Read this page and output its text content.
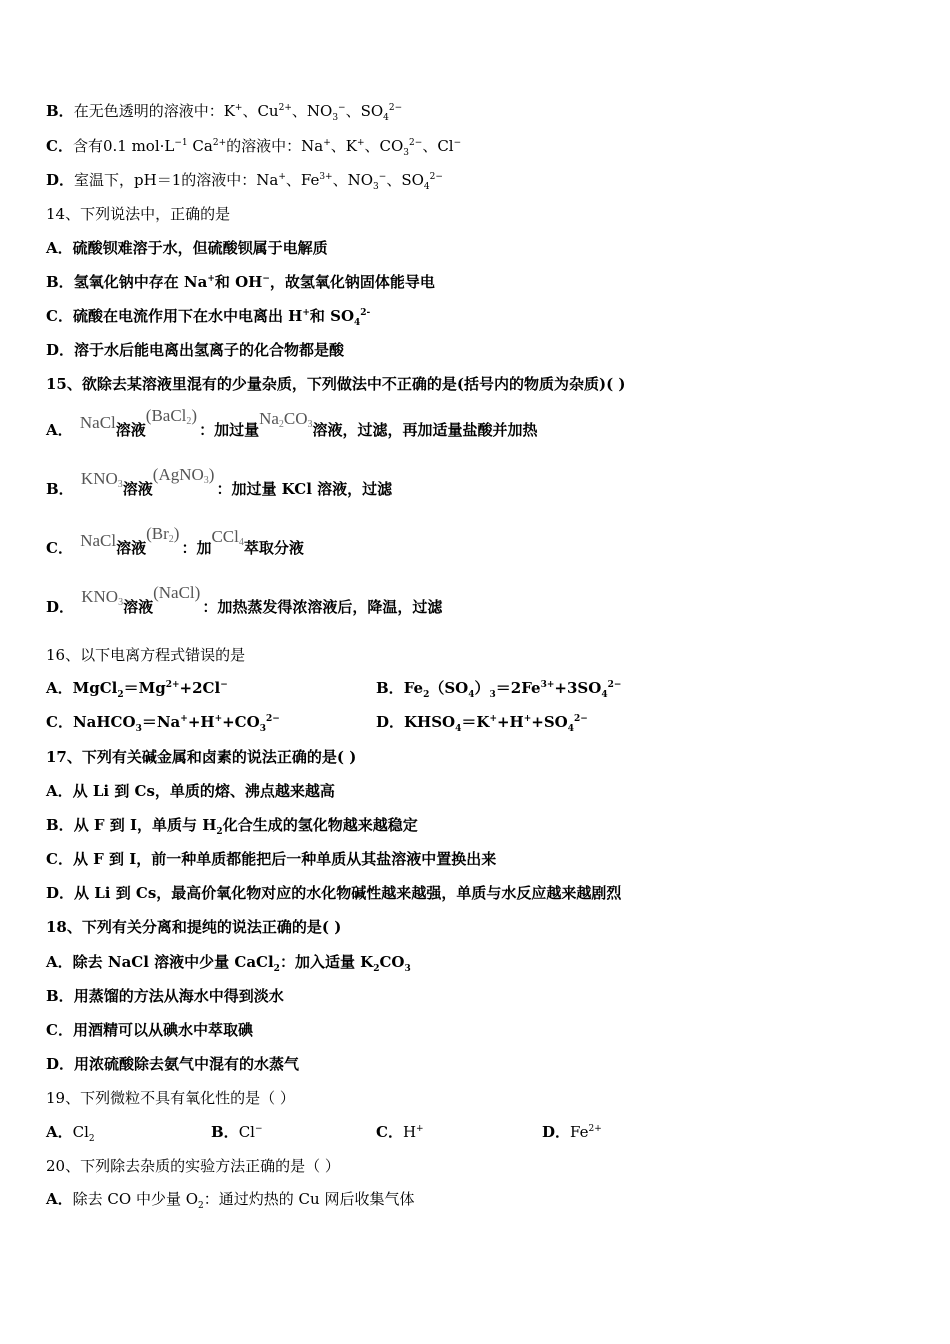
B．在无色透明的溶液中：K+、$Cu^{2+}$、$NO_3^-$、$SO_4^{2-}$
C．含有0.1 $mol\cdot L^{-1}$ $Ca^{2+}$的溶液中：Na+、K+、$CO_3^{2-}$、Cl−
D．室温下，pH＝1的溶液中：Na+、$Fe^{3+}$、$NO_3^-$、$SO_4^{2-}$
14、下列说法中，正确的是
A．硫酸钡难溶于水，但硫酸钡属于电解质
B．氢氧化钠中存在 Na+和 OH−，故氢氧化钠固体能导电
C．硫酸在电流作用下在水中电离出 H+和 $SO_4^{2-}$
D．溶于水后能电离出氢离子的化合物都是酸
15、欲除去某溶液里混有的少量杂质，下列做法中不正确的是(括号内的物质为杂质)( )
A． NaCl溶液(BaCl2)：加过量Na2CO3溶液，过滤，再加适量盐酸并加热
B． KNO3溶液(AgNO3)：加过量 KCl 溶液，过滤
C． NaCl溶液(Br2)：加CCl4萃取分液
D． KNO3溶液(NaCl)：加热蒸发得浓溶液后，降温，过滤
16、以下电离方程式错误的是
A．$MgCl_2=Mg^{2+}+2Cl^-$	B．$Fe_2(SO_4)_3=2Fe^{3+}+3SO_4^{2-}$
C．$NaHCO_3=Na^++H^++CO_3^{2-}$	D．$KHSO_4=K^++H^++SO_4^{2-}$
17、下列有关碱金属和卤素的说法正确的是( )
A．从 Li 到 Cs，单质的熔、沸点越来越高
B．从 F 到 I，单质与 $H_2$化合生成的氢化物越来越稳定
C．从 F 到 I，前一种单质都能把后一种单质从其盐溶液中置换出来
D．从 Li 到 Cs，最高价氧化物对应的水化物碱性越来越强，单质与水反应越来越剧烈
18、下列有关分离和提纯的说法正确的是( )
A．除去 NaCl 溶液中少量 CaCl$_2$：加入适量 $K_2CO_3$
B．用蒸馏的方法从海水中得到淡水
C．用酒精可以从碘水中萃取碘
D．用浓硫酸除去氨气中混有的水蒸气
19、下列微粒不具有氧化性的是（ ）
A．$Cl_2$	B．Cl−	C．H+	D．$Fe^{2+}$
20、下列除去杂质的实验方法正确的是（ ）
A．除去 CO 中少量 $O_2$：通过灼热的 Cu 网后收集气体
